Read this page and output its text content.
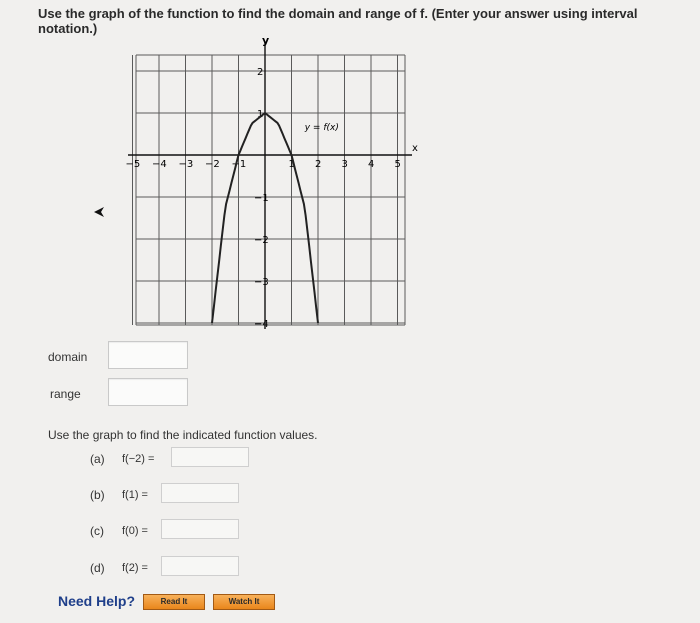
Use the graph of the function to find the domain and range of f. (Enter your answer using interval notation.)
−5 −4 −3 −2 −1	1 2 3 4 5
2
1
−1
−2
−3
−4
y
x
y = f(x)
domain
range
Use the graph to find the indicated function values.
(a) f(−2) =
(b) f(1) =
(c) f(0) =
(d) f(2) =
Need Help?	Read It	Watch It
